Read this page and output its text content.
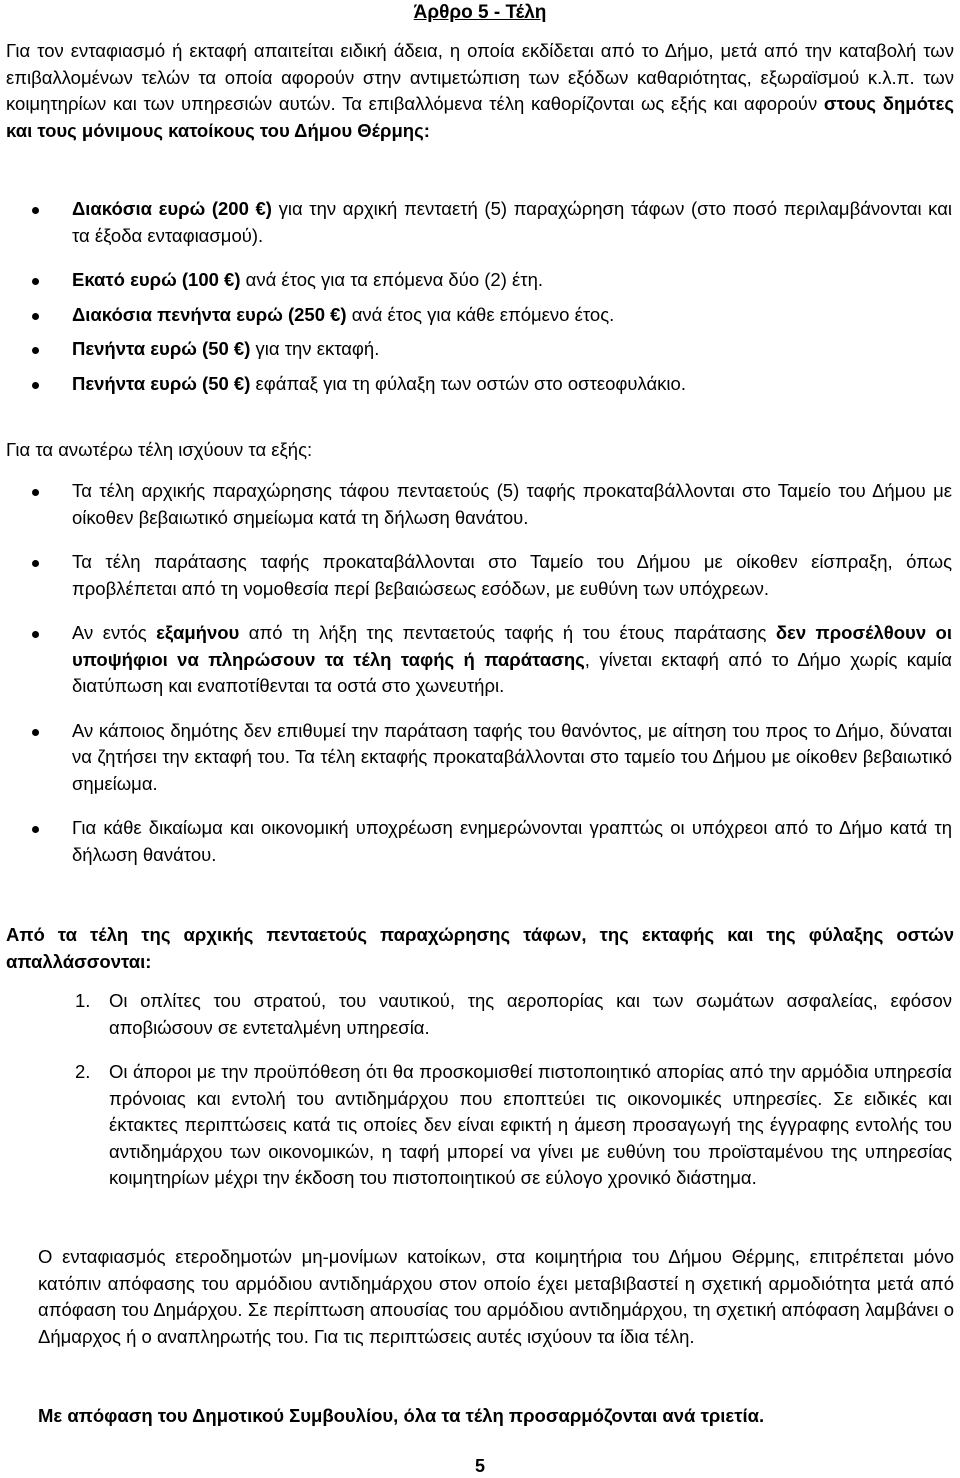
Άρθρο 5 - Τέλη

Για τον ενταφιασμό ή εκταφή απαιτείται ειδική άδεια, η οποία εκδίδεται από το Δήμο, μετά από την καταβολή των επιβαλλομένων τελών τα οποία αφορούν στην αντιμετώπιση των εξόδων καθαριότητας, εξωραϊσμού κ.λ.π. των κοιμητηρίων και των υπηρεσιών αυτών. Τα επιβαλλόμενα τέλη καθορίζονται ως εξής και αφορούν στους δημότες και τους μόνιμους κατοίκους του Δήμου Θέρμης:

Διακόσια ευρώ (200 €) για την αρχική πενταετή (5) παραχώρηση τάφων (στο ποσό περιλαμβάνονται και τα έξοδα ενταφιασμού).
Εκατό ευρώ (100 €) ανά έτος για τα επόμενα δύο (2) έτη.
Διακόσια πενήντα ευρώ (250 €) ανά έτος για κάθε επόμενο έτος.
Πενήντα ευρώ (50 €) για την εκταφή.
Πενήντα ευρώ (50 €) εφάπαξ για τη φύλαξη των οστών στο οστεοφυλάκιο.

Για τα ανωτέρω τέλη ισχύουν τα εξής:

Τα τέλη αρχικής παραχώρησης τάφου πενταετούς (5) ταφής προκαταβάλλονται στο Ταμείο του Δήμου με οίκοθεν βεβαιωτικό σημείωμα κατά τη δήλωση θανάτου.
Τα τέλη παράτασης ταφής προκαταβάλλονται στο Ταμείο του Δήμου με οίκοθεν είσπραξη, όπως προβλέπεται από τη νομοθεσία περί βεβαιώσεως εσόδων, με ευθύνη των υπόχρεων.
Αν εντός εξαμήνου από τη λήξη της πενταετούς ταφής ή του έτους παράτασης δεν προσέλθουν οι υποψήφιοι να πληρώσουν τα τέλη ταφής ή παράτασης, γίνεται εκταφή από το Δήμο χωρίς καμία διατύπωση και εναποτίθενται τα οστά στο χωνευτήρι.
Αν κάποιος δημότης δεν επιθυμεί την παράταση ταφής του θανόντος, με αίτηση του προς το Δήμο, δύναται να ζητήσει την εκταφή του. Τα τέλη εκταφής προκαταβάλλονται στο ταμείο του Δήμου με οίκοθεν βεβαιωτικό σημείωμα.
Για κάθε δικαίωμα και οικονομική υποχρέωση ενημερώνονται γραπτώς οι υπόχρεοι από το Δήμο κατά τη δήλωση θανάτου.

Από τα τέλη της αρχικής πενταετούς παραχώρησης τάφων, της εκταφής και της φύλαξης οστών απαλλάσσονται:

1. Οι οπλίτες του στρατού, του ναυτικού, της αεροπορίας και των σωμάτων ασφαλείας, εφόσον αποβιώσουν σε εντεταλμένη υπηρεσία.
2. Οι άποροι με την προϋπόθεση ότι θα προσκομισθεί πιστοποιητικό απορίας από την αρμόδια υπηρεσία πρόνοιας και εντολή του αντιδημάρχου που εποπτεύει τις οικονομικές υπηρεσίες. Σε ειδικές και έκτακτες περιπτώσεις κατά τις οποίες δεν είναι εφικτή η άμεση προσαγωγή της έγγραφης εντολής του αντιδημάρχου των οικονομικών, η ταφή μπορεί να γίνει με ευθύνη του προϊσταμένου της υπηρεσίας κοιμητηρίων μέχρι την έκδοση του πιστοποιητικού σε εύλογο χρονικό διάστημα.

Ο ενταφιασμός ετεροδημοτών μη-μονίμων κατοίκων, στα κοιμητήρια του Δήμου Θέρμης, επιτρέπεται μόνο κατόπιν απόφασης του αρμόδιου αντιδημάρχου στον οποίο έχει μεταβιβαστεί η σχετική αρμοδιότητα μετά από απόφαση του Δημάρχου. Σε περίπτωση απουσίας του αρμόδιου αντιδημάρχου, τη σχετική απόφαση λαμβάνει ο Δήμαρχος ή ο αναπληρωτής του. Για τις περιπτώσεις αυτές ισχύουν τα ίδια τέλη.

Με απόφαση του Δημοτικού Συμβουλίου, όλα τα τέλη προσαρμόζονται ανά τριετία.

5
